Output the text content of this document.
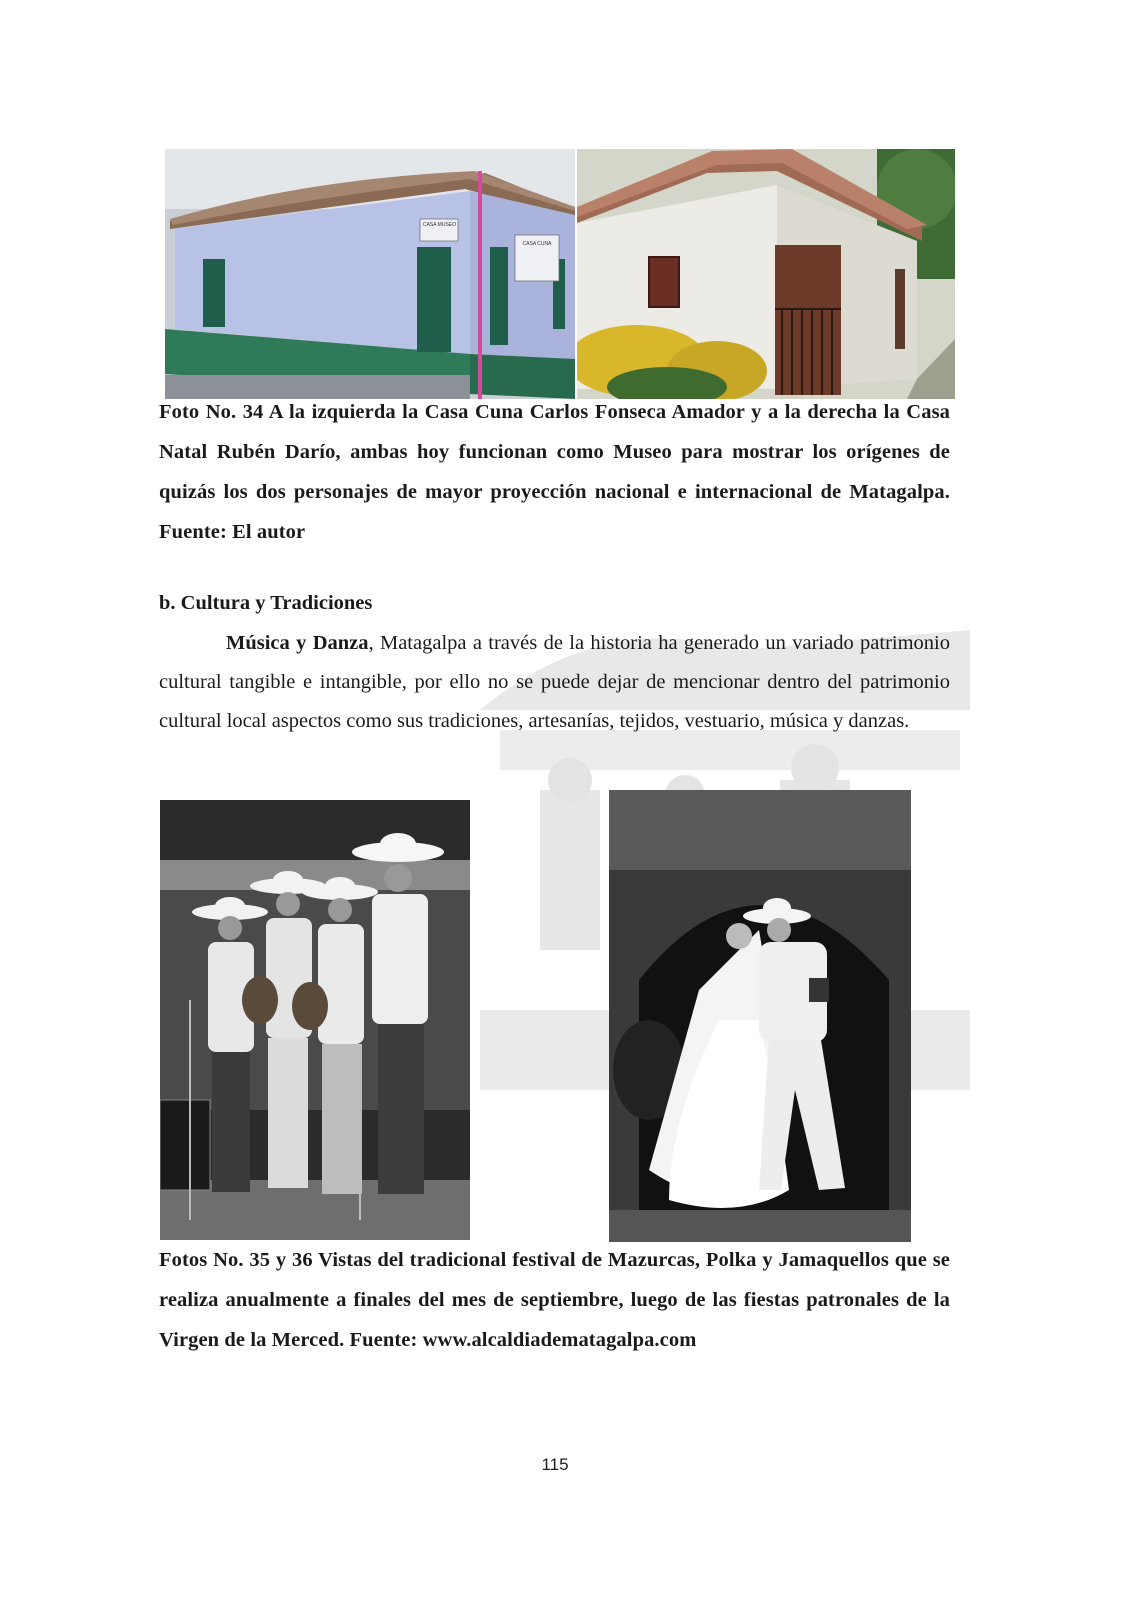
CASA MUSEO
CASA CUNA
Foto No. 34 A la izquierda la Casa Cuna Carlos Fonseca Amador y a la derecha la Casa Natal Rubén Darío, ambas hoy funcionan como Museo para mostrar los orígenes de quizás los dos personajes de mayor proyección nacional e internacional de Matagalpa. Fuente: El autor
b. Cultura y Tradiciones
Música y Danza, Matagalpa a través de la historia ha generado un variado patrimonio cultural tangible e intangible, por ello no se puede dejar de mencionar dentro del patrimonio cultural local aspectos como sus tradiciones, artesanías, tejidos, vestuario, música y danzas.
Fotos No. 35 y 36 Vistas del tradicional festival de Mazurcas, Polka y Jamaquellos que se realiza anualmente a finales del mes de septiembre, luego de las fiestas patronales de la Virgen de la Merced. Fuente: www.alcaldiadematagalpa.com
115
